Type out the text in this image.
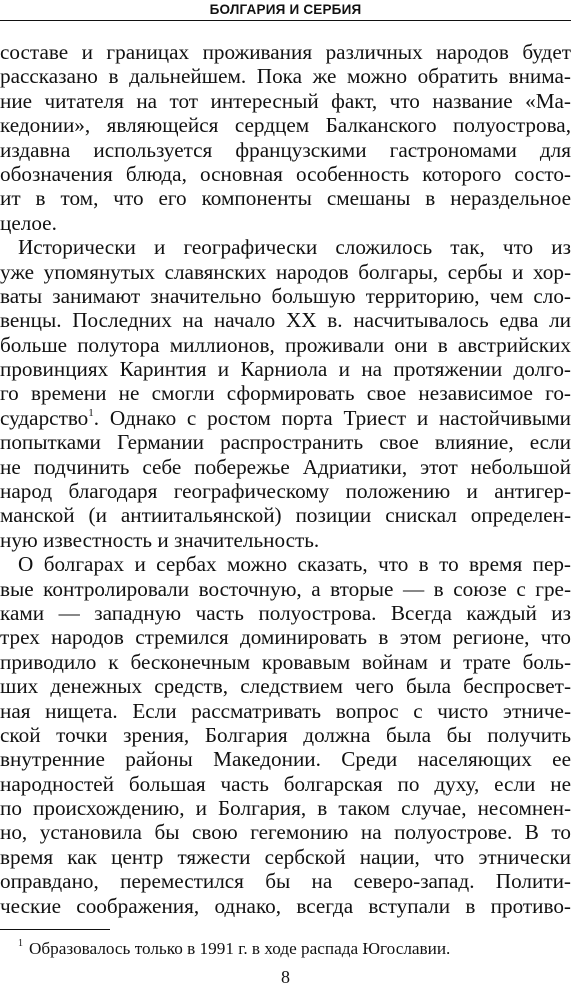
БОЛГАРИЯ И СЕРБИЯ
составе и границах проживания различных народов будет
рассказано в дальнейшем. Пока же можно обратить внима-
ние читателя на тот интересный факт, что название «Ма-
кедонии», являющейся сердцем Балканского полуострова,
издавна используется французскими гастрономами для
обозначения блюда, основная особенность которого состо-
ит в том, что его компоненты смешаны в нераздельное
целое.
Исторически и географически сложилось так, что из
уже упомянутых славянских народов болгары, сербы и хор-
ваты занимают значительно большую территорию, чем сло-
венцы. Последних на начало XX в. насчитывалось едва ли
больше полутора миллионов, проживали они в австрийских
провинциях Каринтия и Карниола и на протяжении долго-
го времени не смогли сформировать свое независимое го-
сударство$^1$. Однако с ростом порта Триест и настойчивыми
попытками Германии распространить свое влияние, если
не подчинить себе побережье Адриатики, этот небольшой
народ благодаря географическому положению и антигер-
манской (и антиитальянской) позиции снискал определен-
ную известность и значительность.
О болгарах и сербах можно сказать, что в то время пер-
вые контролировали восточную, а вторые — в союзе с гре-
ками — западную часть полуострова. Всегда каждый из
трех народов стремился доминировать в этом регионе, что
приводило к бесконечным кровавым войнам и трате боль-
ших денежных средств, следствием чего была беспросвет-
ная нищета. Если рассматривать вопрос с чисто этниче-
ской точки зрения, Болгария должна была бы получить
внутренние районы Македонии. Среди населяющих ее
народностей большая часть болгарская по духу, если не
по происхождению, и Болгария, в таком случае, несомнен-
но, установила бы свою гегемонию на полуострове. В то
время как центр тяжести сербской нации, что этнически
оправдано, переместился бы на северо-запад. Полити-
ческие соображения, однако, всегда вступали в противо-
$^1$ Образовалось только в 1991 г. в ходе распада Югославии.
8
